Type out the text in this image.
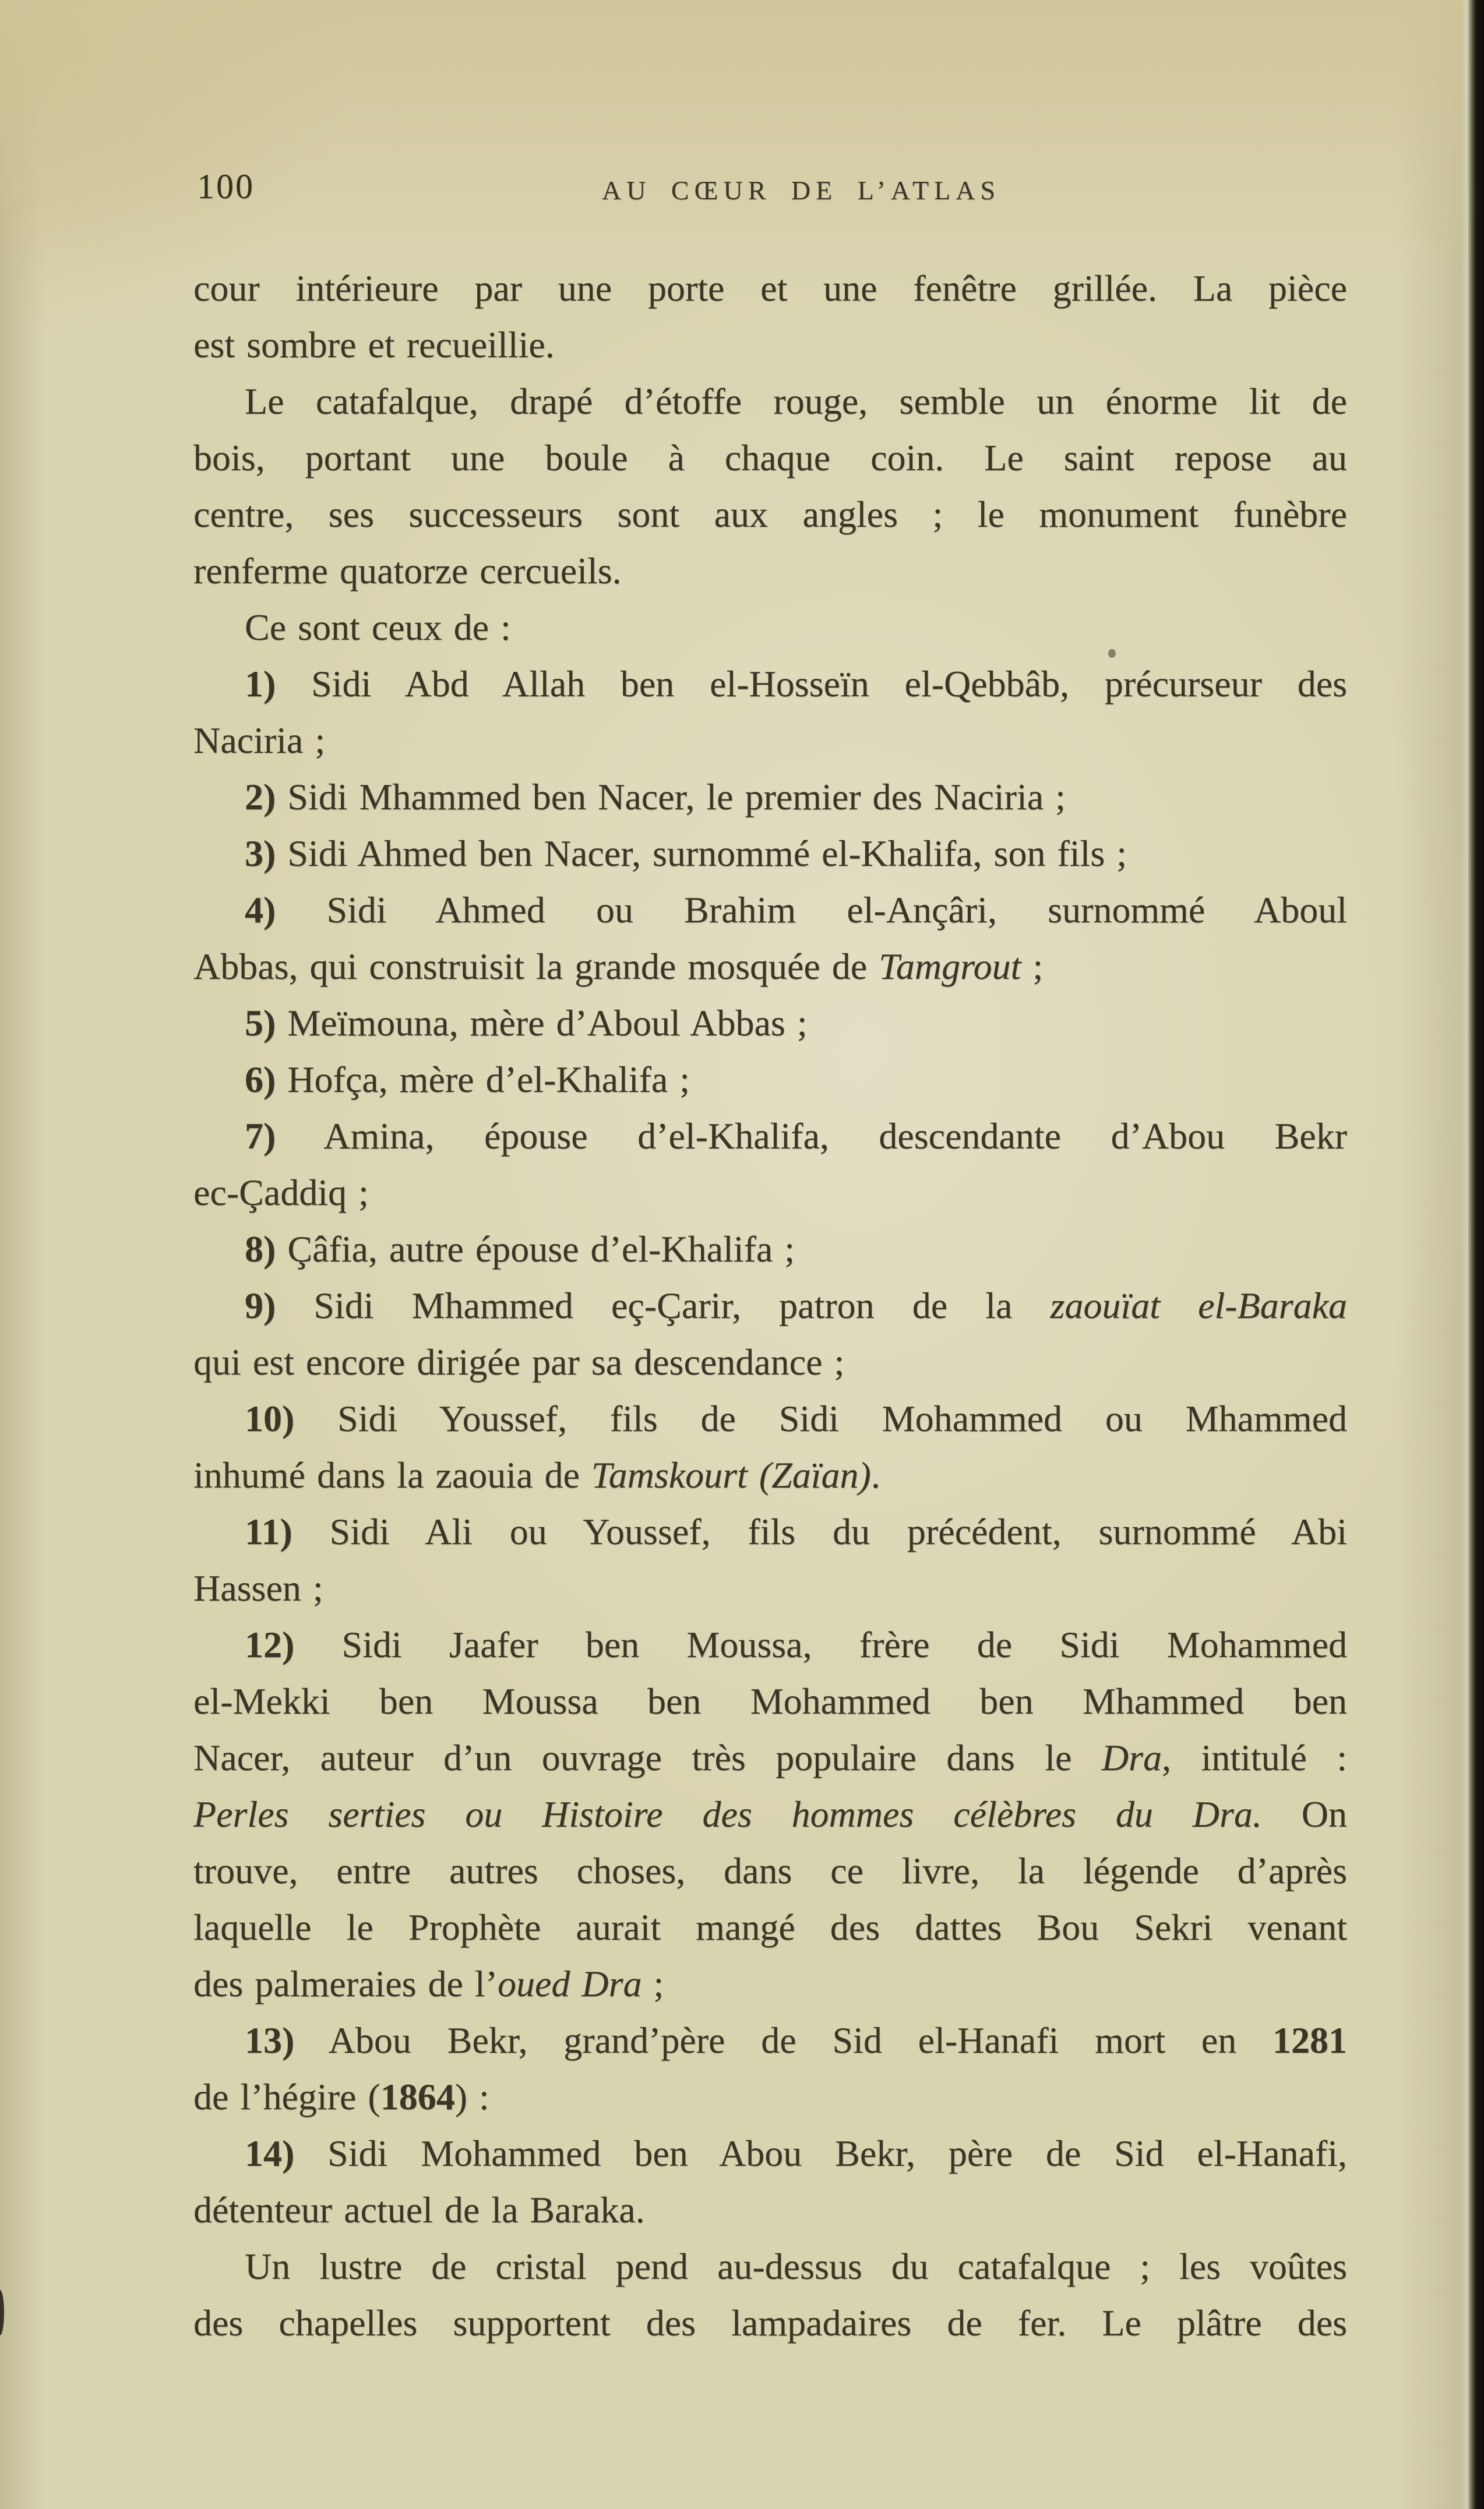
100	AU CŒUR DE L’ATLAS
cour intérieure par une porte et une fenêtre grillée. La pièce
est sombre et recueillie.
Le catafalque, drapé d’étoffe rouge, semble un énorme lit de
bois, portant une boule à chaque coin. Le saint repose au
centre, ses successeurs sont aux angles ; le monument funèbre
renferme quatorze cercueils.
Ce sont ceux de :
1) Sidi Abd Allah ben el-Hosseïn el-Qebbâb, précurseur des
Naciria ;
2) Sidi Mhammed ben Nacer, le premier des Naciria ;
3) Sidi Ahmed ben Nacer, surnommé el-Khalifa, son fils ;
4) Sidi Ahmed ou Brahim el-Ançâri, surnommé Aboul
Abbas, qui construisit la grande mosquée de Tamgrout ;
5) Meïmouna, mère d’Aboul Abbas ;
6) Hofça, mère d’el-Khalifa ;
7) Amina, épouse d’el-Khalifa, descendante d’Abou Bekr
ec-Çaddiq ;
8) Çâfia, autre épouse d’el-Khalifa ;
9) Sidi Mhammed eç-Çarir, patron de la zaouïat el-Baraka
qui est encore dirigée par sa descendance ;
10) Sidi Youssef, fils de Sidi Mohammed ou Mhammed
inhumé dans la zaouia de Tamskourt (Zaïan).
11) Sidi Ali ou Youssef, fils du précédent, surnommé Abi
Hassen ;
12) Sidi Jaafer ben Moussa, frère de Sidi Mohammed
el-Mekki ben Moussa ben Mohammed ben Mhammed ben
Nacer, auteur d’un ouvrage très populaire dans le Dra, intitulé :
Perles serties ou Histoire des hommes célèbres du Dra. On
trouve, entre autres choses, dans ce livre, la légende d’après
laquelle le Prophète aurait mangé des dattes Bou Sekri venant
des palmeraies de l’oued Dra ;
13) Abou Bekr, grand’père de Sid el-Hanafi mort en 1281
de l’hégire (1864) :
14) Sidi Mohammed ben Abou Bekr, père de Sid el-Hanafi,
détenteur actuel de la Baraka.
Un lustre de cristal pend au-dessus du catafalque ; les voûtes
des chapelles supportent des lampadaires de fer. Le plâtre des
